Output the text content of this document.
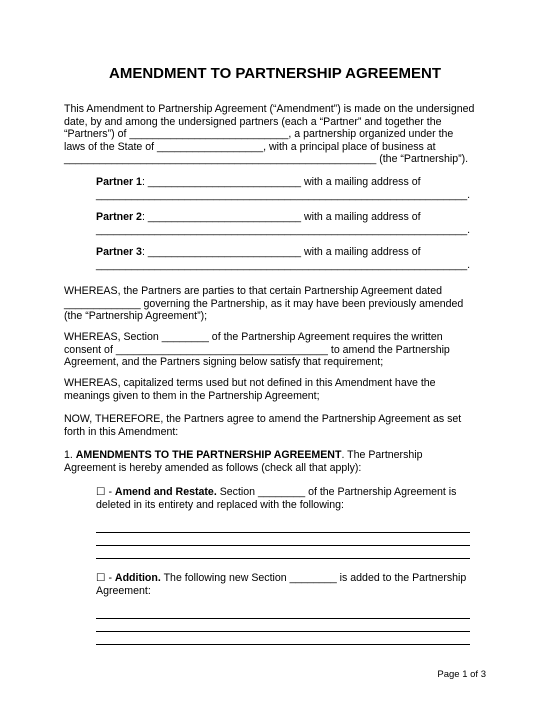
AMENDMENT TO PARTNERSHIP AGREEMENT

This Amendment to Partnership Agreement (“Amendment”) is made on the undersigned

date, by and among the undersigned partners (each a “Partner” and together the

“Partners”) of ___________________________, a partnership organized under the

laws of the State of __________________, with a principal place of business at

_____________________________________________________ (the “Partnership”).

Partner 1: __________________________ with a mailing address of

_______________________________________________________________.

Partner 2: __________________________ with a mailing address of

_______________________________________________________________.

Partner 3: __________________________ with a mailing address of

_______________________________________________________________.

WHEREAS, the Partners are parties to that certain Partnership Agreement dated

_____________ governing the Partnership, as it may have been previously amended

(the “Partnership Agreement”);

WHEREAS, Section ________ of the Partnership Agreement requires the written

consent of ____________________________________ to amend the Partnership

Agreement, and the Partners signing below satisfy that requirement;

WHEREAS, capitalized terms used but not defined in this Amendment have the

meanings given to them in the Partnership Agreement;

NOW, THEREFORE, the Partners agree to amend the Partnership Agreement as set

forth in this Amendment:

1. AMENDMENTS TO THE PARTNERSHIP AGREEMENT. The Partnership

Agreement is hereby amended as follows (check all that apply):

☐ - Amend and Restate. Section ________ of the Partnership Agreement is

deleted in its entirety and replaced with the following:

☐ - Addition. The following new Section ________ is added to the Partnership

Agreement:

Page 1 of 3
